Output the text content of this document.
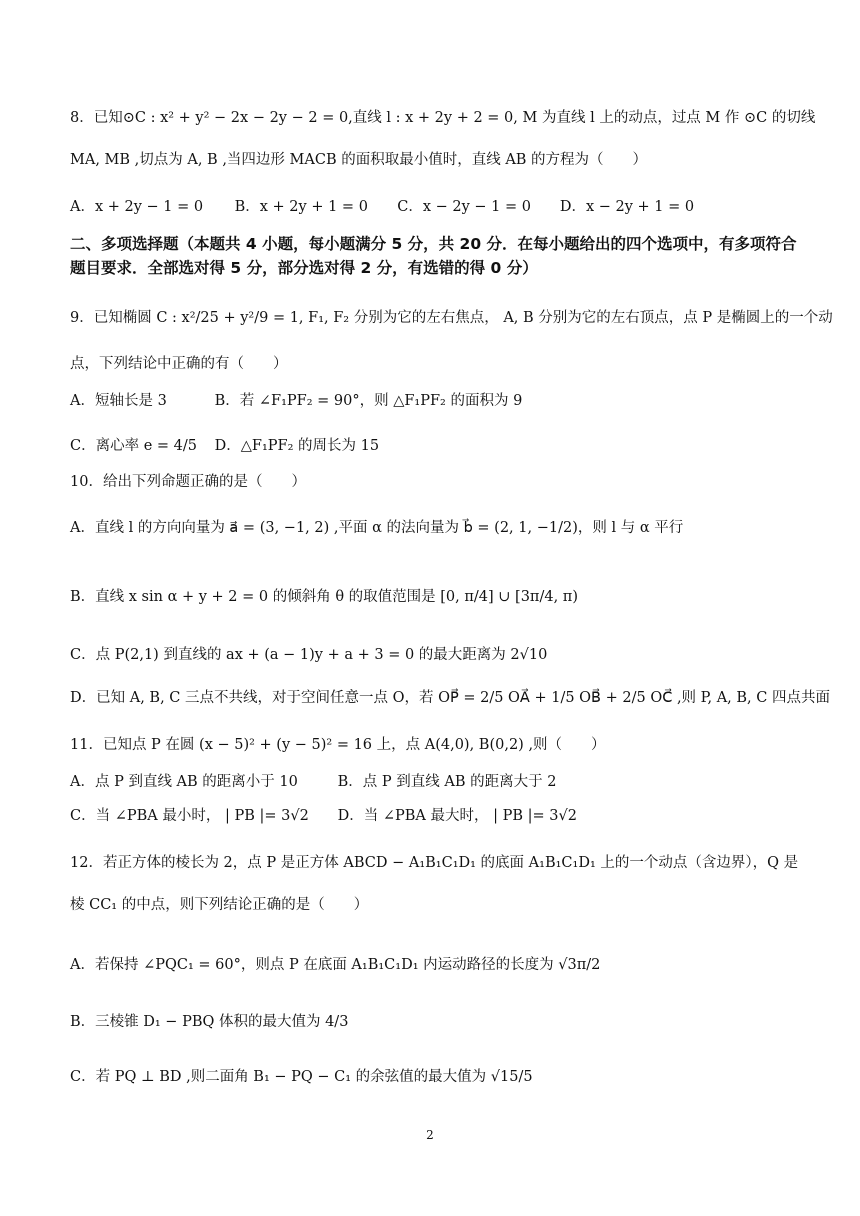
8．已知⊙C : x² + y² − 2x − 2y − 2 = 0,直线 l : x + 2y + 2 = 0, M 为直线 l 上的动点，过点 M 作 ⊙C 的切线
MA, MB ,切点为 A, B ,当四边形 MACB 的面积取最小值时，直线 AB 的方程为（　　）
A．x + 2y − 1 = 0 B．x + 2y + 1 = 0 C．x − 2y − 1 = 0 D．x − 2y + 1 = 0
二、多项选择题（本题共 4 小题，每小题满分 5 分，共 20 分．在每小题给出的四个选项中，有多项符合题目要求．全部选对得 5 分，部分选对得 2 分，有选错的得 0 分）
9．已知椭圆 C : x²/25 + y²/9 = 1, F₁, F₂ 分别为它的左右焦点， A, B 分别为它的左右顶点，点 P 是椭圆上的一个动
点，下列结论中正确的有（　　）
A．短轴长是 3	B．若 ∠F₁PF₂ = 90°，则 △F₁PF₂ 的面积为 9
C．离心率 e = 4/5 D．△F₁PF₂ 的周长为 15
10．给出下列命题正确的是（　　）
A．直线 l 的方向向量为 a⃗ = (3, −1, 2) ,平面 α 的法向量为 b⃗ = (2, 1, −1/2)，则 l 与 α 平行
B．直线 x sin α + y + 2 = 0 的倾斜角 θ 的取值范围是 [0, π/4] ∪ [3π/4, π)
C．点 P(2,1) 到直线的 ax + (a − 1)y + a + 3 = 0 的最大距离为 2√10
D．已知 A, B, C 三点不共线，对于空间任意一点 O，若 OP⃗ = 2/5 OA⃗ + 1/5 OB⃗ + 2/5 OC⃗ ,则 P, A, B, C 四点共面
11．已知点 P 在圆 (x − 5)² + (y − 5)² = 16 上，点 A(4,0), B(0,2) ,则（　　）
A．点 P 到直线 AB 的距离小于 10	B．点 P 到直线 AB 的距离大于 2
C．当 ∠PBA 最小时， | PB |= 3√2 D．当 ∠PBA 最大时， | PB |= 3√2
12．若正方体的棱长为 2，点 P 是正方体 ABCD − A₁B₁C₁D₁ 的底面 A₁B₁C₁D₁ 上的一个动点（含边界），Q 是
棱 CC₁ 的中点，则下列结论正确的是（　　）
A．若保持 ∠PQC₁ = 60°，则点 P 在底面 A₁B₁C₁D₁ 内运动路径的长度为 √3π/2
B．三棱锥 D₁ − PBQ 体积的最大值为 4/3
C．若 PQ ⊥ BD ,则二面角 B₁ − PQ − C₁ 的余弦值的最大值为 √15/5
2
